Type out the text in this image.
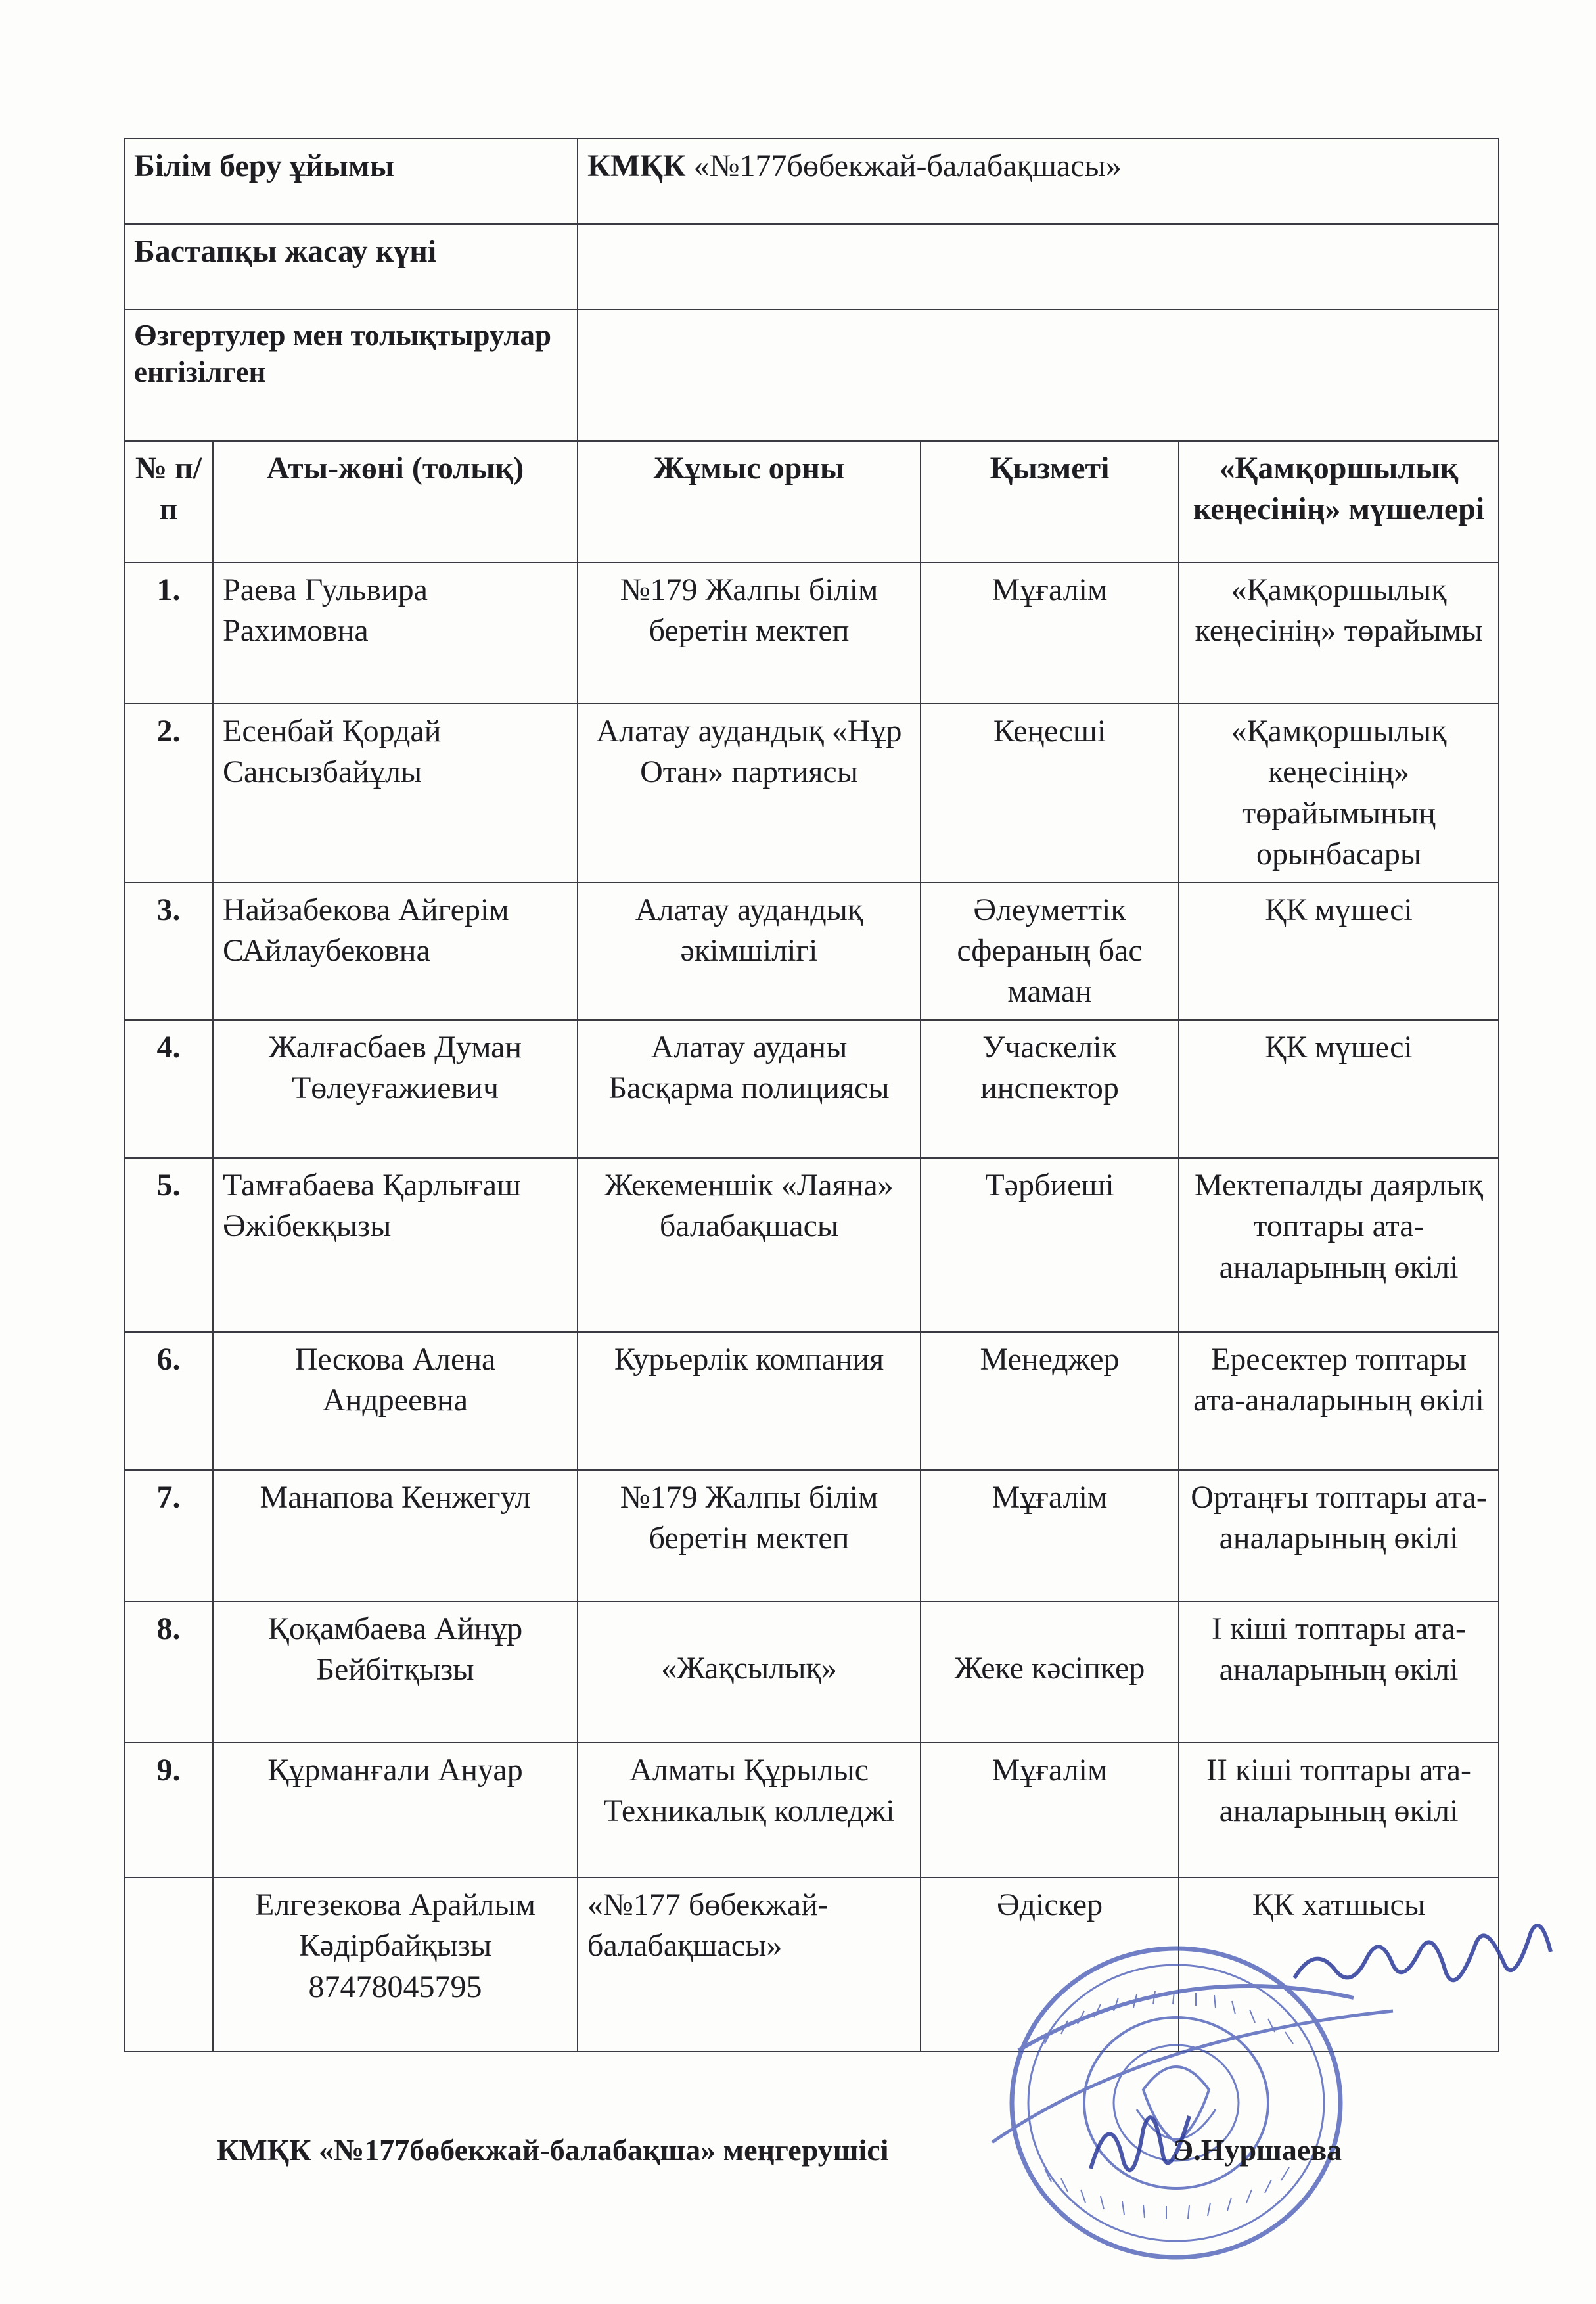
Білім беру ұйымы		КМҚК «№177бөбекжай-балабақшасы»		
Бастапқы жасау күні				
Өзгертулер мен толықтырулар енгізілген				
№ п/п	Аты-жөні (толық)	Жұмыс орны	Қызметі	«Қамқоршылық кеңесінің» мүшелері
1.	Раева Гульвира Рахимовна	№179 Жалпы білім беретін мектеп	Мұғалім	«Қамқоршылық кеңесінің» төрайымы
2.	Есенбай Қордай Сансызбайұлы	Алатау аудандық «Нұр Отан» партиясы	Кеңесші	«Қамқоршылық кеңесінің» төрайымының орынбасары
3.	Найзабекова Айгерім САйлаубековна	Алатау аудандық әкімшілігі	Әлеуметтік сфераның бас маман	ҚК мүшесі
4.	Жалғасбаев Думан Төлеуғажиевич	Алатау ауданы Басқарма полициясы	Учаскелік инспектор	ҚК мүшесі
5.	Тамғабаева Қарлығаш Әжібекқызы	Жекеменшік «Лаяна» балабақшасы	Тәрбиеші	Мектепалды даярлық топтары ата-аналарының өкілі
6.	Пескова Алена Андреевна	Курьерлік компания	Менеджер	Ересектер топтары ата-аналарының өкілі
7.	Манапова Кенжегул	№179 Жалпы білім беретін мектеп	Мұғалім	Ортаңғы топтары ата-аналарының өкілі
8.	Қоқамбаева Айнұр Бейбітқызы	«Жақсылық»	Жеке кәсіпкер	І кіші топтары ата-аналарының өкілі
9.	Құрманғали Ануар	Алматы Құрылыс Техникалық колледжі	Мұғалім	ІІ кіші топтары ата-аналарының өкілі
	Елгезекова Арайлым Кәдірбайқызы 87478045795	«№177 бөбекжай-балабақшасы»	Әдіскер	ҚК хатшысы
КМҚК «№177бөбекжай-балабақша» меңгерушісі	Э.Нуршаева
